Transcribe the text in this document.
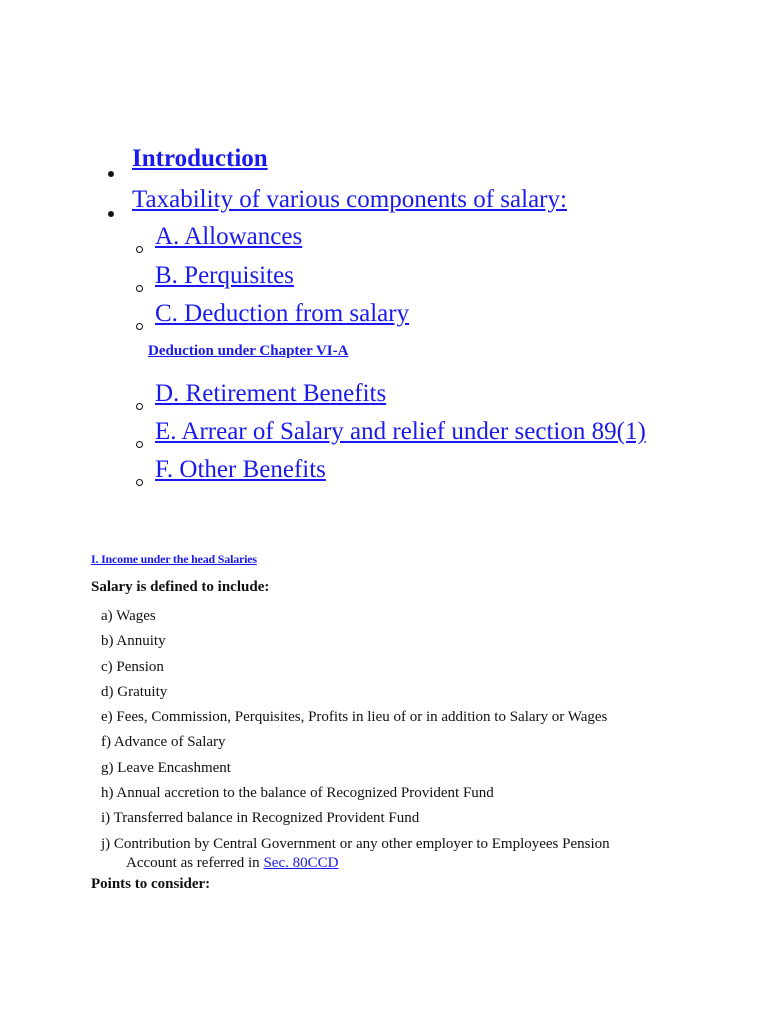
Introduction
Taxability of various components of salary:
A. Allowances
B. Perquisites
C. Deduction from salary
Deduction under Chapter VI-A
D. Retirement Benefits
E. Arrear of Salary and relief under section 89(1)
F. Other Benefits
I. Income under the head Salaries
Salary is defined to include:
a) Wages
b) Annuity
c) Pension
d) Gratuity
e) Fees, Commission, Perquisites, Profits in lieu of or in addition to Salary or Wages
f) Advance of Salary
g) Leave Encashment
h) Annual accretion to the balance of Recognized Provident Fund
i) Transferred balance in Recognized Provident Fund
j) Contribution by Central Government or any other employer to Employees Pension
Account as referred in Sec. 80CCD
Points to consider:
